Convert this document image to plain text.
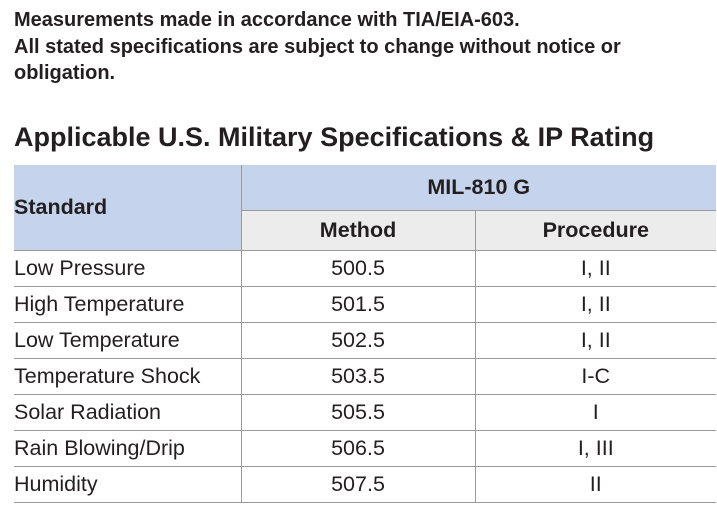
Measurements made in accordance with TIA/EIA-603.

All stated specifications are subject to change without notice or obligation.

Applicable U.S. Military Specifications & IP Rating
Standard	MIL-810 G	
	Method	Procedure
Low Pressure	500.5	I, II
High Temperature	501.5	I, II
Low Temperature	502.5	I, II
Temperature Shock	503.5	I-C
Solar Radiation	505.5	I
Rain Blowing/Drip	506.5	I, III
Humidity	507.5	II
